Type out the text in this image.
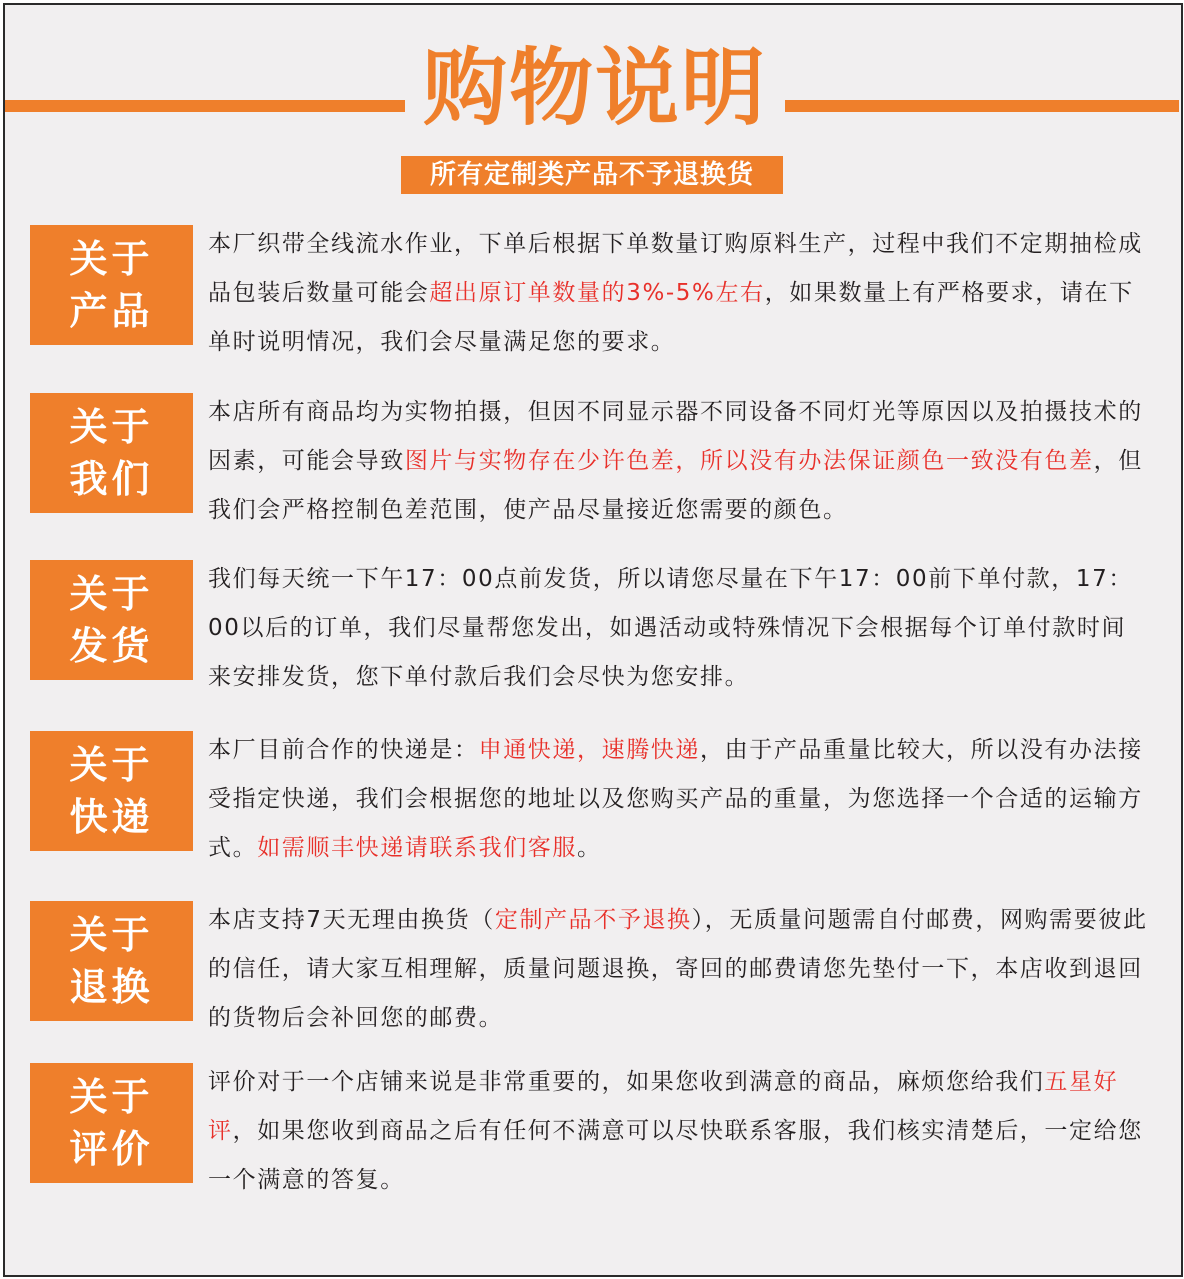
购物说明
所有定制类产品不予退换货
关于
产品
本厂织带全线流水作业，下单后根据下单数量订购原料生产，过程中我们不定期抽检成品包装后数量可能会超出原订单数量的3%-5%左右，如果数量上有严格要求，请在下单时说明情况，我们会尽量满足您的要求。
关于
我们
本店所有商品均为实物拍摄，但因不同显示器不同设备不同灯光等原因以及拍摄技术的因素，可能会导致图片与实物存在少许色差，所以没有办法保证颜色一致没有色差，但我们会严格控制色差范围，使产品尽量接近您需要的颜色。
关于
发货
我们每天统一下午17：00点前发货，所以请您尽量在下午17：00前下单付款，17：00以后的订单，我们尽量帮您发出，如遇活动或特殊情况下会根据每个订单付款时间来安排发货，您下单付款后我们会尽快为您安排。
关于
快递
本厂目前合作的快递是：申通快递，速腾快递，由于产品重量比较大，所以没有办法接受指定快递，我们会根据您的地址以及您购买产品的重量，为您选择一个合适的运输方式。如需顺丰快递请联系我们客服。
关于
退换
本店支持7天无理由换货（定制产品不予退换），无质量问题需自付邮费，网购需要彼此的信任，请大家互相理解，质量问题退换，寄回的邮费请您先垫付一下，本店收到退回的货物后会补回您的邮费。
关于
评价
评价对于一个店铺来说是非常重要的，如果您收到满意的商品，麻烦您给我们五星好评，如果您收到商品之后有任何不满意可以尽快联系客服，我们核实清楚后，一定给您一个满意的答复。
